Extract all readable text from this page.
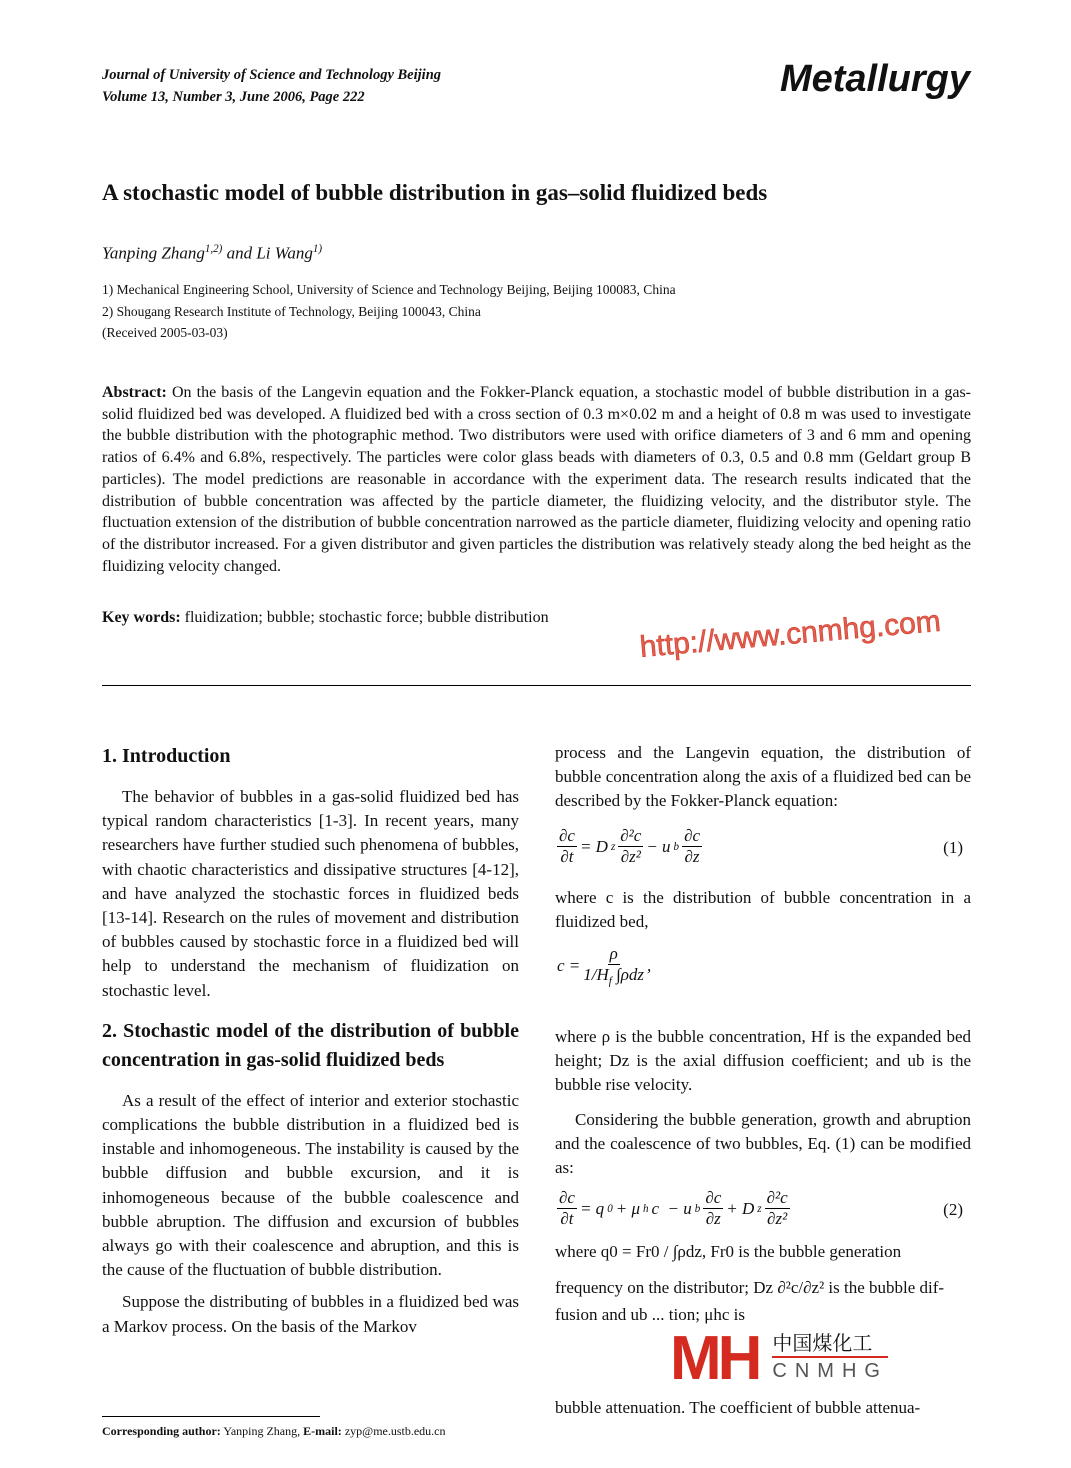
Journal of University of Science and Technology Beijing
Volume 13, Number 3, June 2006, Page 222	Metallurgy
A stochastic model of bubble distribution in gas–solid fluidized beds
Yanping Zhang$^{1,2)}$ and Li Wang$^{1)}$
1) Mechanical Engineering School, University of Science and Technology Beijing, Beijing 100083, China
2) Shougang Research Institute of Technology, Beijing 100043, China
(Received 2005-03-03)
Abstract: On the basis of the Langevin equation and the Fokker-Planck equation, a stochastic model of bubble distribution in a gas-solid fluidized bed was developed. A fluidized bed with a cross section of 0.3 m×0.02 m and a height of 0.8 m was used to investigate the bubble distribution with the photographic method. Two distributors were used with orifice diameters of 3 and 6 mm and opening ratios of 6.4% and 6.8%, respectively. The particles were color glass beads with diameters of 0.3, 0.5 and 0.8 mm (Geldart group B particles). The model predictions are reasonable in accordance with the experiment data. The research results indicated that the distribution of bubble concentration was affected by the particle diameter, the fluidizing velocity, and the distributor style. The fluctuation extension of the distribution of bubble concentration narrowed as the particle diameter, fluidizing velocity and opening ratio of the distributor increased. For a given distributor and given particles the distribution was relatively steady along the bed height as the fluidizing velocity changed.
Key words: fluidization; bubble; stochastic force; bubble distribution	http://www.cnmhg.com
1. Introduction

The behavior of bubbles in a gas-solid fluidized bed has typical random characteristics [1-3]. In recent years, many researchers have further studied such phenomena of bubbles, with chaotic characteristics and dissipative structures [4-12], and have analyzed the stochastic forces in fluidized beds [13-14]. Research on the rules of movement and distribution of bubbles caused by stochastic force in a fluidized bed will help to understand the mechanism of fluidization on stochastic level.

2. Stochastic model of the distribution of bubble concentration in gas-solid fluidized beds

As a result of the effect of interior and exterior stochastic complications the bubble distribution in a fluidized bed is instable and inhomogeneous. The instability is caused by the bubble diffusion and bubble excursion, and it is inhomogeneous because of the bubble coalescence and bubble abruption. The diffusion and excursion of bubbles always go with their coalescence and abruption, and this is the cause of the fluctuation of bubble distribution.

Suppose the distributing of bubbles in a fluidized bed was a Markov process. On the basis of the Markov

process and the Langevin equation, the distribution of bubble concentration along the axis of a fluidized bed can be described by the Fokker-Planck equation:
$\frac{\partial c}{\partial t} = D$ z $\frac{\text{∂²c}}{\text{∂z²}} - u$ b $\frac{\partial c}{\partial z}$	(1)
where c is the distribution of bubble concentration in a fluidized bed,
$c = \frac{\rho}{1/H_f \int\rho dz}$ ,
where ρ is the bubble concentration, Hf is the expanded bed height; Dz is the axial diffusion coefficient; and ub is the bubble rise velocity.
Considering the bubble generation, growth and abruption and the coalescence of two bubbles, Eq. (1) can be modified as:
$\frac{\partial c}{\partial t} = q$ 0 + μ h c  − u b $\frac{\partial c}{\partial z} + D$ z $\frac{\text{∂²c}}{\text{∂z²}}$	(2)
where q0 = Fr0 / ∫ρdz, Fr0 is the bubble generation
frequency on the distributor; Dz ∂²c/∂z² is the bubble dif-
fusion and ub ... tion; μhc is
MH 中国煤化工
CNMHG
bubble attenuation. The coefficient of bubble attenua-
Corresponding author: Yanping Zhang, E-mail: zyp@me.ustb.edu.cn
